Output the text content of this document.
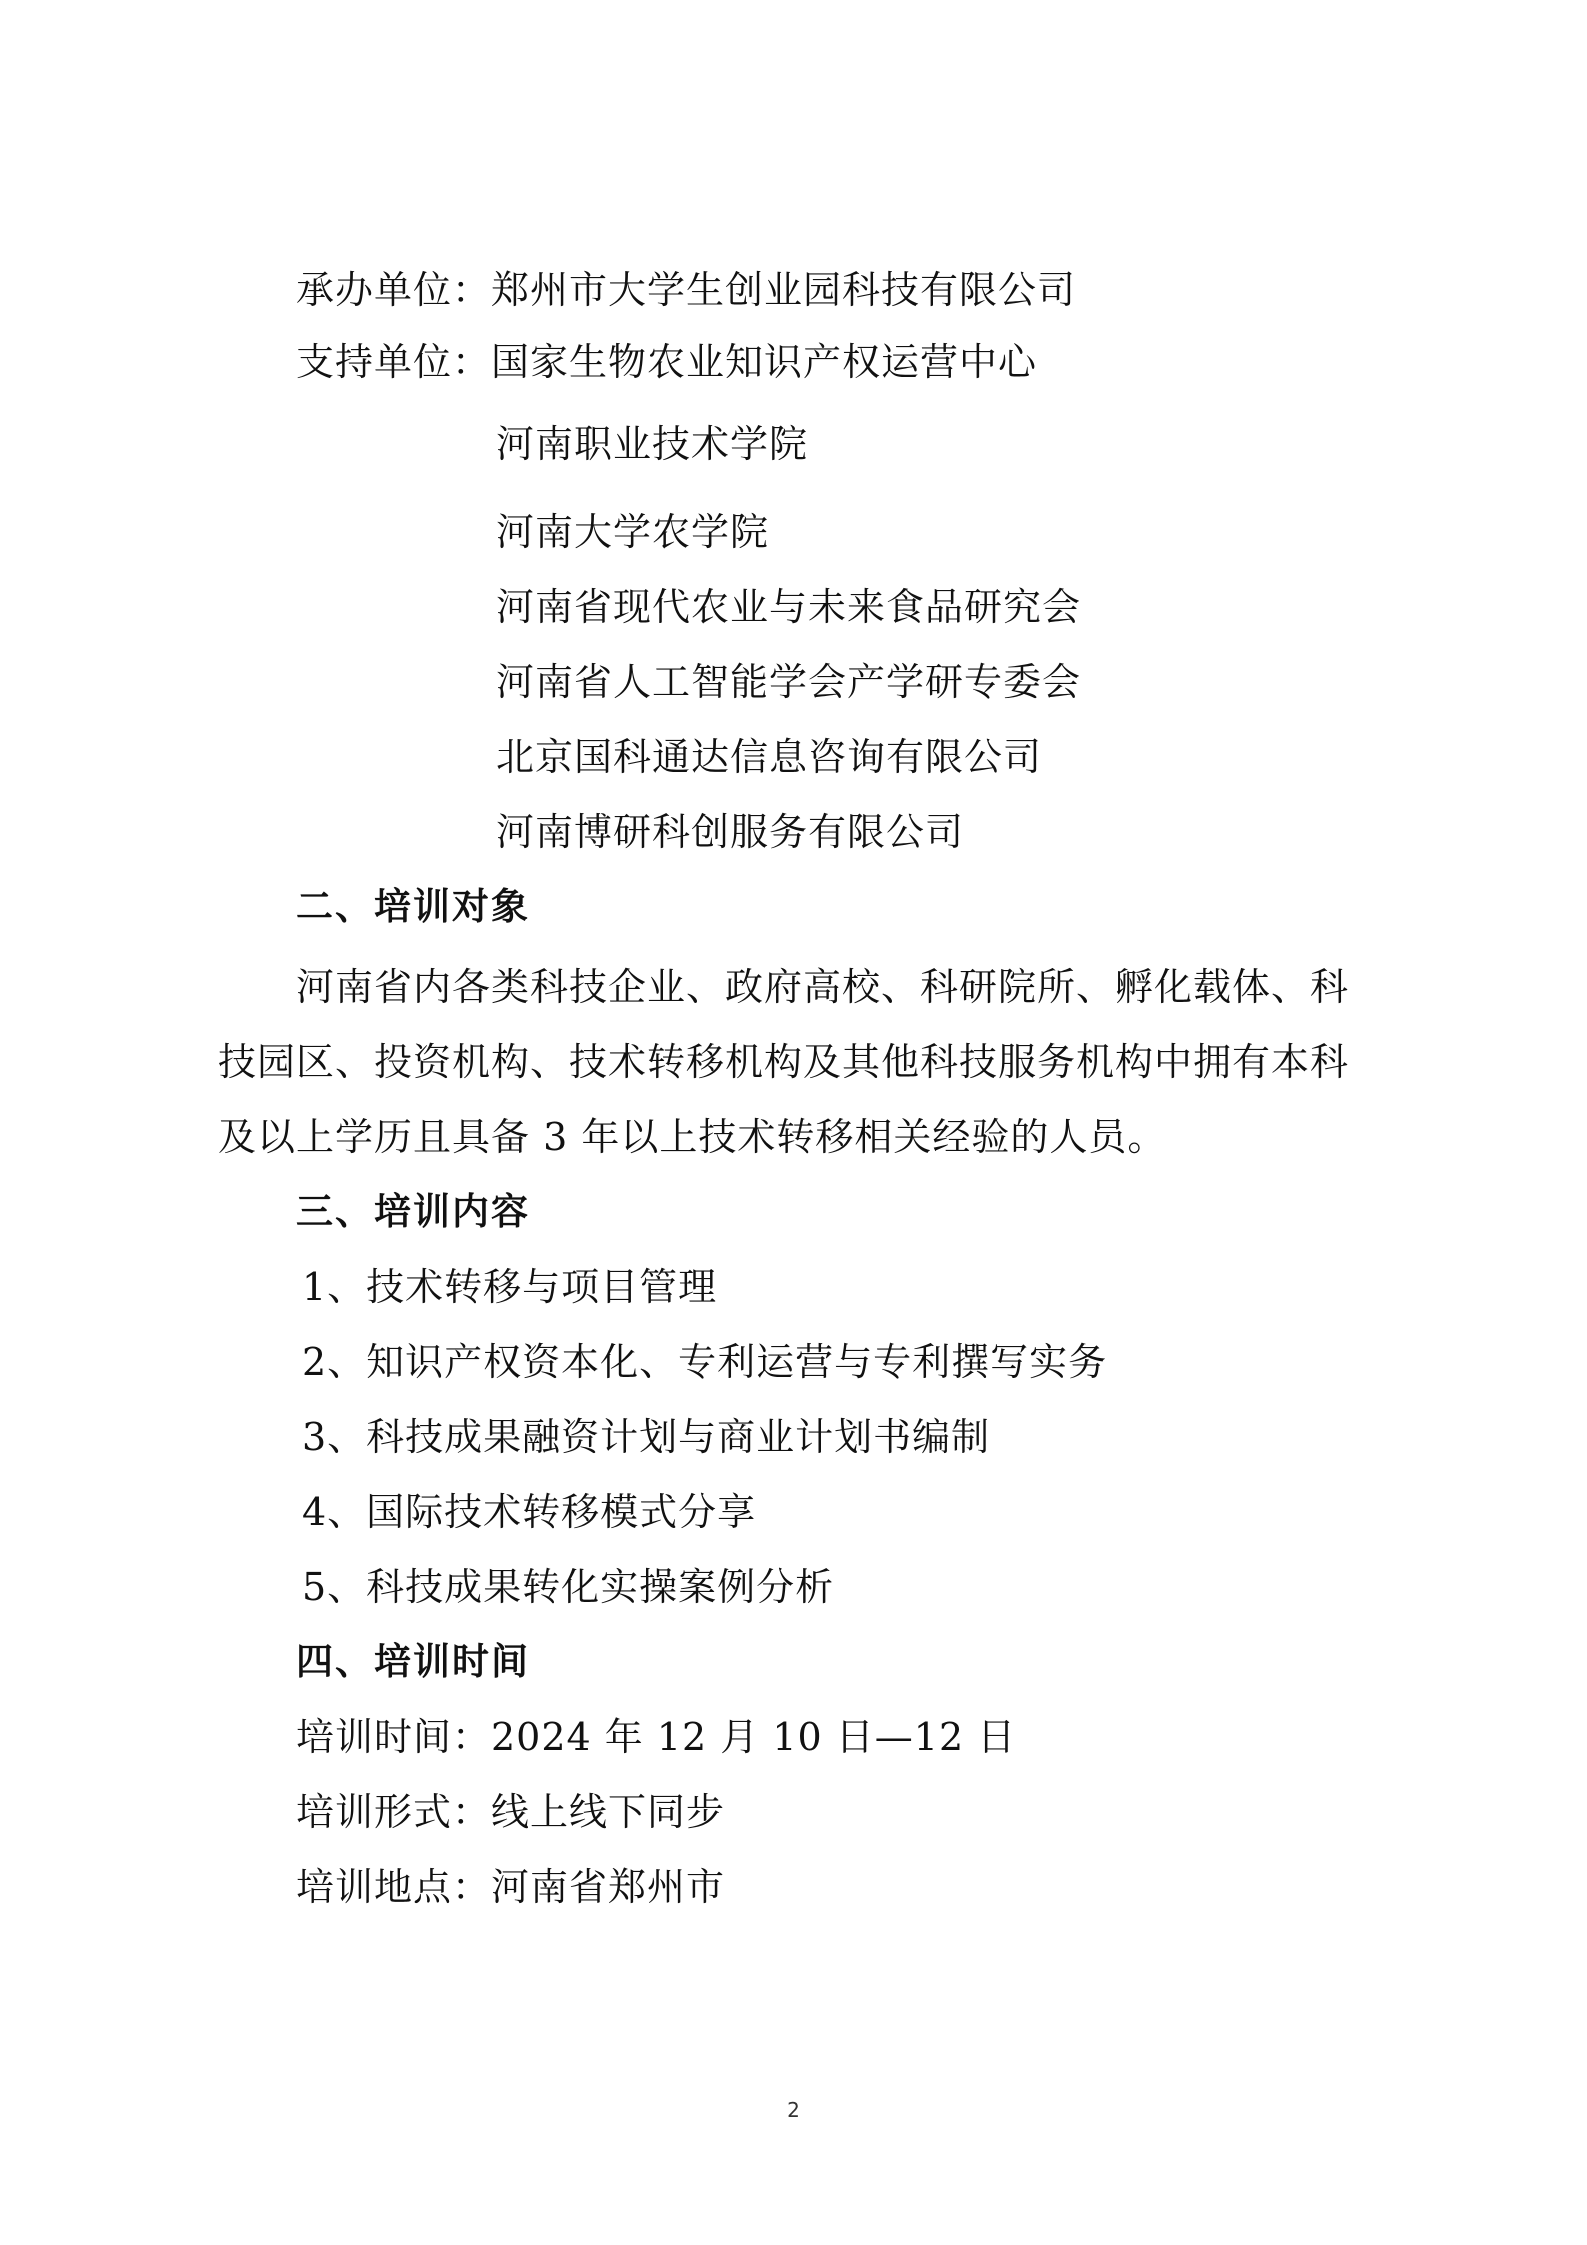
承办单位：郑州市大学生创业园科技有限公司
支持单位：国家生物农业知识产权运营中心
河南职业技术学院
河南大学农学院
河南省现代农业与未来食品研究会
河南省人工智能学会产学研专委会
北京国科通达信息咨询有限公司
河南博研科创服务有限公司
二、培训对象
河南省内各类科技企业、政府高校、科研院所、孵化载体、科
技园区、投资机构、技术转移机构及其他科技服务机构中拥有本科
及以上学历且具备 3 年以上技术转移相关经验的人员。
三、培训内容
1、技术转移与项目管理
2、知识产权资本化、专利运营与专利撰写实务
3、科技成果融资计划与商业计划书编制
4、国际技术转移模式分享
5、科技成果转化实操案例分析
四、培训时间
培训时间：2024 年 12 月 10 日—12 日
培训形式：线上线下同步
培训地点：河南省郑州市
2
